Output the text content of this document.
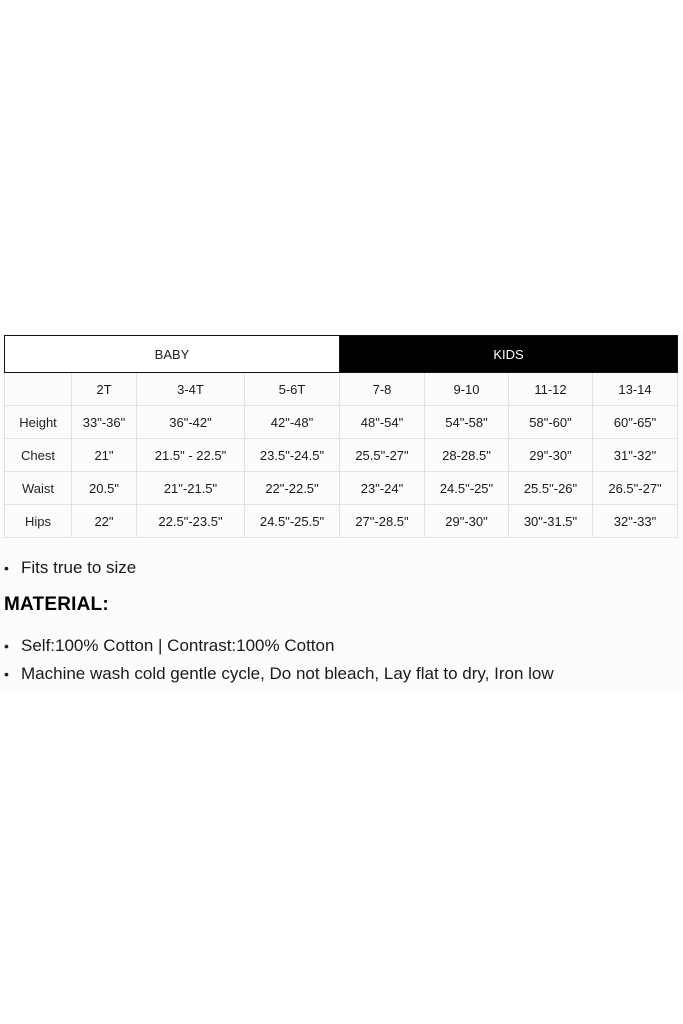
BABY				KIDS			
	2T	3-4T	5-6T	7-8	9-10	11-12	13-14
Height	33"-36"	36"-42"	42"-48"	48"-54"	54"-58"	58"-60"	60"-65"
Chest	21"	21.5" - 22.5"	23.5"-24.5"	25.5"-27"	28-28.5"	29"-30"	31"-32"
Waist	20.5"	21"-21.5"	22"-22.5"	23"-24"	24.5"-25"	25.5"-26"	26.5"-27"
Hips	22"	22.5"-23.5"	24.5"-25.5"	27"-28.5"	29"-30"	30"-31.5"	32"-33"
• Fits true to size
MATERIAL:
• Self:100% Cotton | Contrast:100% Cotton
• Machine wash cold gentle cycle, Do not bleach, Lay flat to dry, Iron low
